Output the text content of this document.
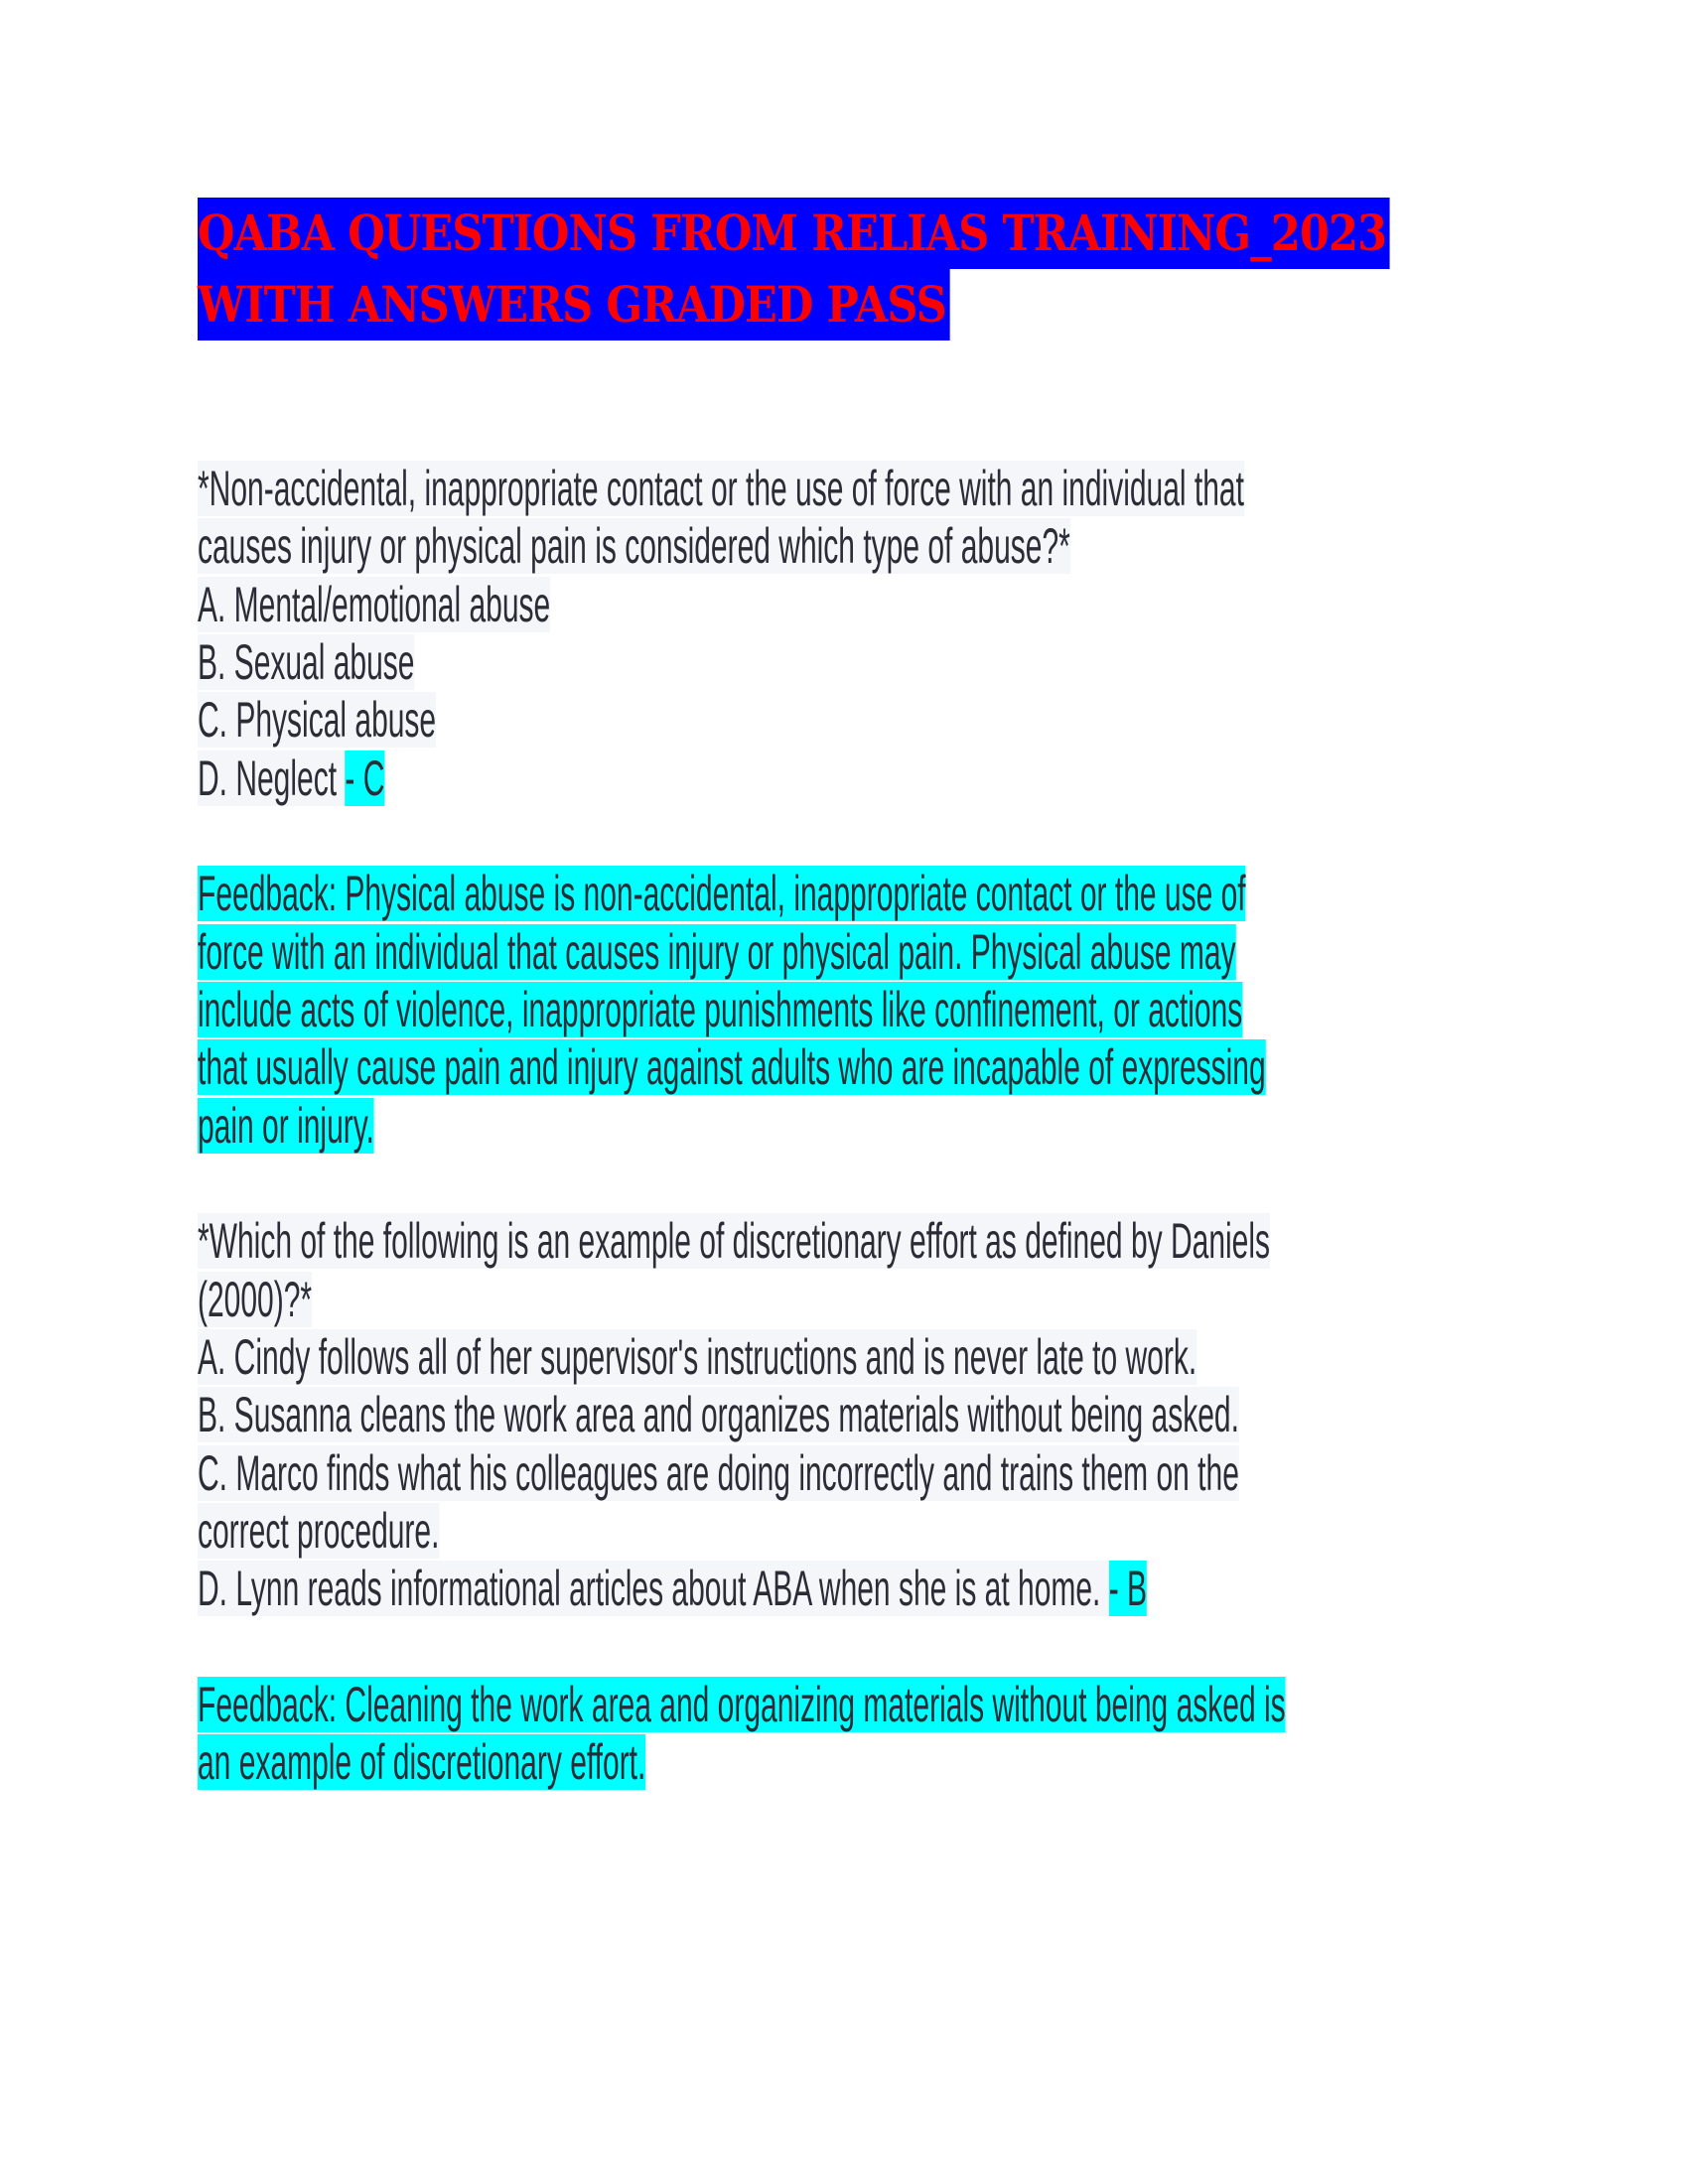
QABA QUESTIONS FROM RELIAS TRAINING_2023
WITH ANSWERS GRADED PASS
*Non-accidental, inappropriate contact or the use of force with an individual that
causes injury or physical pain is considered which type of abuse?*
A. Mental/emotional abuse
B. Sexual abuse
C. Physical abuse
D. Neglect - C
Feedback: Physical abuse is non-accidental, inappropriate contact or the use of
force with an individual that causes injury or physical pain. Physical abuse may
include acts of violence, inappropriate punishments like confinement, or actions
that usually cause pain and injury against adults who are incapable of expressing
pain or injury.
*Which of the following is an example of discretionary effort as defined by Daniels
(2000)?*
A. Cindy follows all of her supervisor's instructions and is never late to work.
B. Susanna cleans the work area and organizes materials without being asked.
C. Marco finds what his colleagues are doing incorrectly and trains them on the
correct procedure.
D. Lynn reads informational articles about ABA when she is at home. - B
Feedback: Cleaning the work area and organizing materials without being asked is
an example of discretionary effort.
